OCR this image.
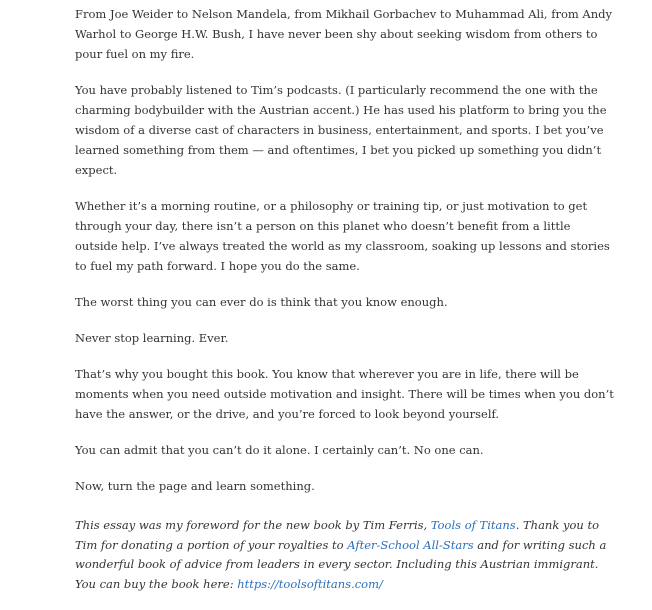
From Joe Weider to Nelson Mandela, from Mikhail Gorbachev to Muhammad Ali, from Andy Warhol to George H.W. Bush, I have never been shy about seeking wisdom from others to pour fuel on my fire.

You have probably listened to Tim’s podcasts. (I particularly recommend the one with the charming bodybuilder with the Austrian accent.) He has used his platform to bring you the wisdom of a diverse cast of characters in business, entertainment, and sports. I bet you’ve learned something from them — and oftentimes, I bet you picked up something you didn’t expect.

Whether it’s a morning routine, or a philosophy or training tip, or just motivation to get through your day, there isn’t a person on this planet who doesn’t benefit from a little outside help. I’ve always treated the world as my classroom, soaking up lessons and stories to fuel my path forward. I hope you do the same.

The worst thing you can ever do is think that you know enough.

Never stop learning. Ever.

That’s why you bought this book. You know that wherever you are in life, there will be moments when you need outside motivation and insight. There will be times when you don’t have the answer, or the drive, and you’re forced to look beyond yourself.

You can admit that you can’t do it alone. I certainly can’t. No one can.

Now, turn the page and learn something.

This essay was my foreword for the new book by Tim Ferris, Tools of Titans. Thank you to Tim for donating a portion of your royalties to After-School All-Stars and for writing such a wonderful book of advice from leaders in every sector. Including this Austrian immigrant. You can buy the book here: https://toolsoftitans.com/
